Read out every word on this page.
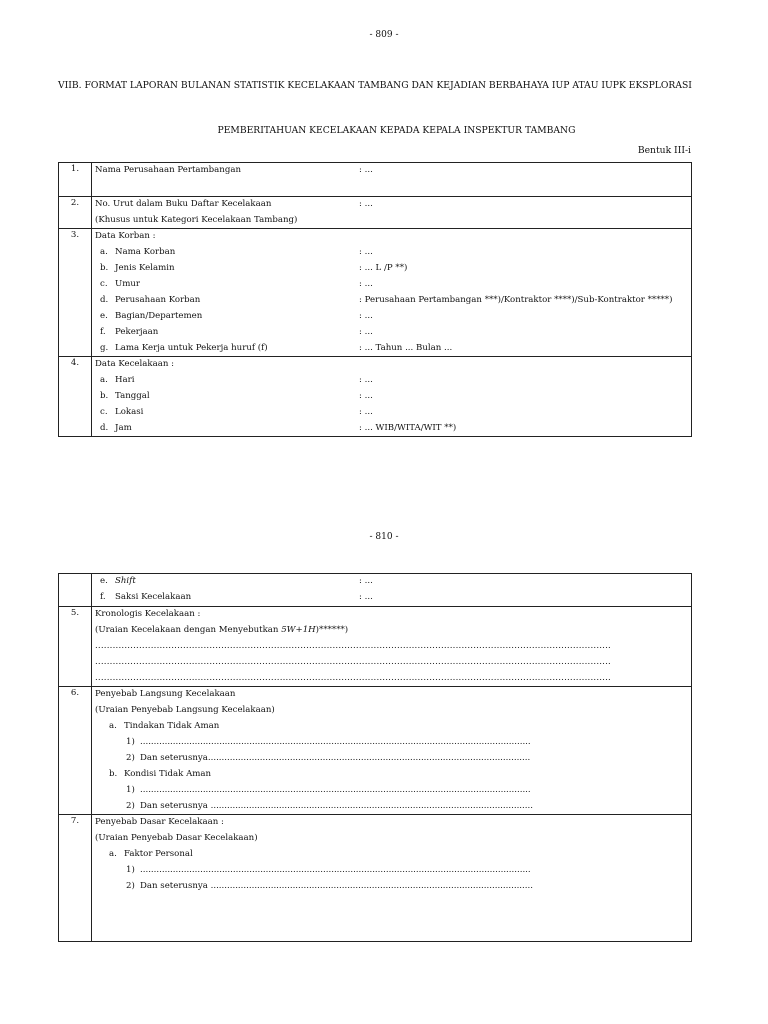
- 809 -
VIIB. FORMAT LAPORAN BULANAN STATISTIK KECELAKAAN TAMBANG DAN KEJADIAN BERBAHAYA IUP ATAU IUPK EKSPLORASI
PEMBERITAHUAN KECELAKAAN KEPADA KEPALA INSPEKTUR TAMBANG
Bentuk III-i
1.	Nama Perusahaan Pertambangan	: ...
2.	No. Urut dalam Buku Daftar Kecelakaan	: ...
(Khusus untuk Kategori Kecelakaan Tambang)
3.	Data Korban :
a. Nama Korban	: ...
b. Jenis Kelamin	: ... L /P **)
c. Umur	: ...
d. Perusahaan Korban	: Perusahaan Pertambangan ***)/Kontraktor ****)/Sub-Kontraktor *****)
e. Bagian/Departemen	: ...
f.	Pekerjaan	: ...
g. Lama Kerja untuk Pekerja huruf (f)	: ... Tahun ... Bulan ...
4.	Data Kecelakaan :
a. Hari	: ...
b. Tanggal	: ...
c. Lokasi	: ...
d. Jam	: ... WIB/WITA/WIT **)
- 810 -
e. Shift	: ...
f.	Saksi Kecelakaan	: ...
5.	Kronologis Kecelakaan :
(Uraian Kecelakaan dengan Menyebutkan 5W+1H)******)
................................................................................................................................................................................
................................................................................................................................................................................
................................................................................................................................................................................
6.	Penyebab Langsung Kecelakaan
(Uraian Penyebab Langsung Kecelakaan)
a. Tindakan Tidak Aman
1) ...............................................................................................................................................
2) Dan seterusnya......................................................................................................................
b. Kondisi Tidak Aman
1) ...............................................................................................................................................
2) Dan seterusnya ......................................................................................................................
7.	Penyebab Dasar Kecelakaan :
(Uraian Penyebab Dasar Kecelakaan)
a. Faktor Personal
1) ...............................................................................................................................................
2) Dan seterusnya ......................................................................................................................
